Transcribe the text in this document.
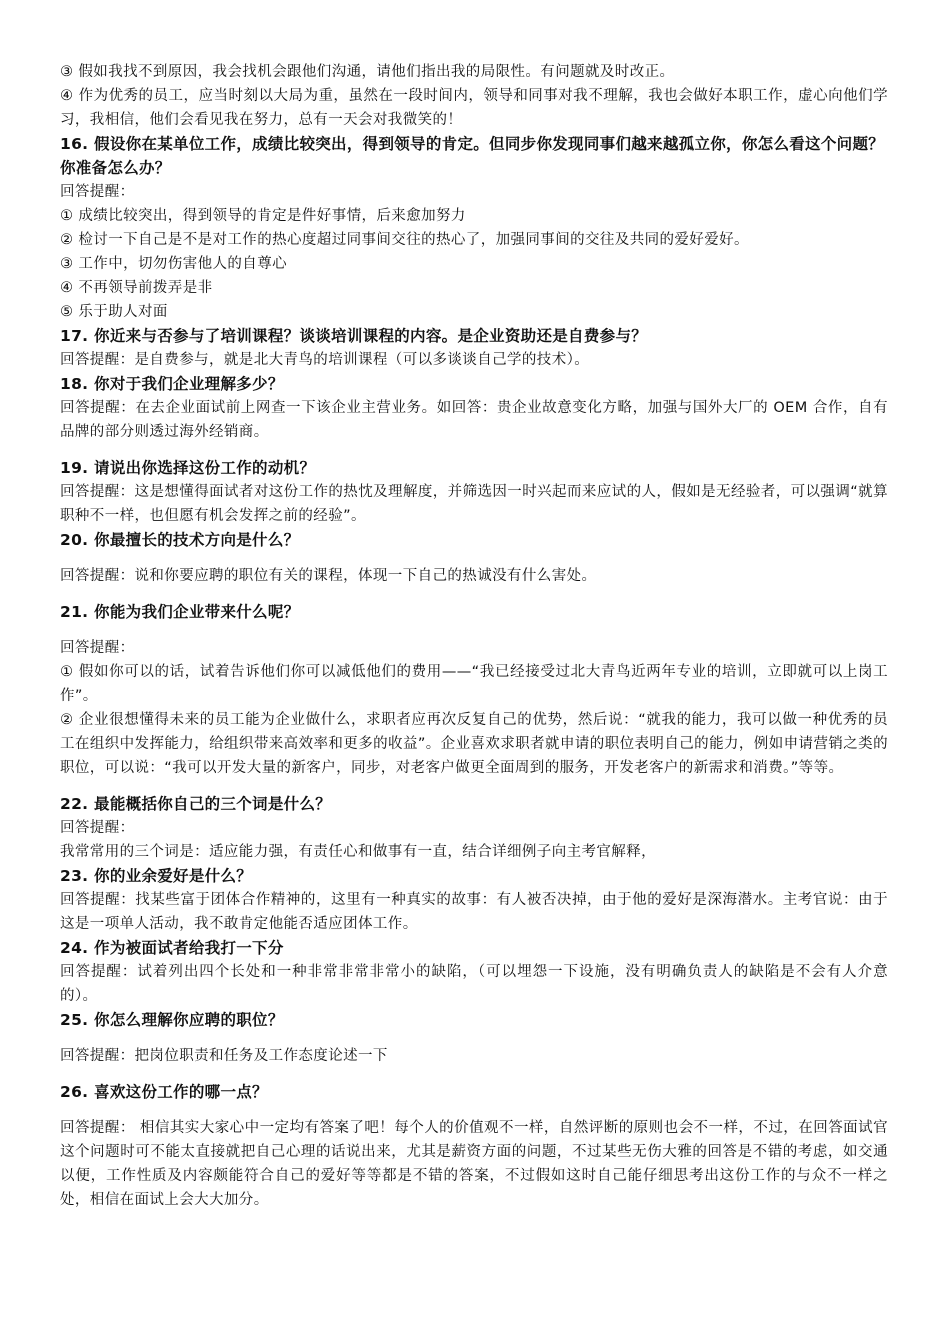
③ 假如我找不到原因，我会找机会跟他们沟通，请他们指出我的局限性。有问题就及时改正。

④ 作为优秀的员工，应当时刻以大局为重，虽然在一段时间内，领导和同事对我不理解，我也会做好本职工作，虚心向他们学习，我相信，他们会看见我在努力，总有一天会对我微笑的！

16. 假设你在某单位工作，成绩比较突出，得到领导的肯定。但同步你发现同事们越来越孤立你，你怎么看这个问题？你准备怎么办？

回答提醒：

① 成绩比较突出，得到领导的肯定是件好事情，后来愈加努力

② 检讨一下自己是不是对工作的热心度超过同事间交往的热心了，加强同事间的交往及共同的爱好爱好。

③ 工作中，切勿伤害他人的自尊心

④ 不再领导前拨弄是非

⑤ 乐于助人对面

17. 你近来与否参与了培训课程？谈谈培训课程的内容。是企业资助还是自费参与？

回答提醒：是自费参与，就是北大青鸟的培训课程（可以多谈谈自己学的技术）。

18. 你对于我们企业理解多少？

回答提醒：在去企业面试前上网查一下该企业主营业务。如回答：贵企业故意变化方略，加强与国外大厂的 OEM 合作，自有品牌的部分则透过海外经销商。

19. 请说出你选择这份工作的动机？

回答提醒：这是想懂得面试者对这份工作的热忱及理解度，并筛选因一时兴起而来应试的人，假如是无经验者，可以强调“就算职种不一样，也但愿有机会发挥之前的经验”。

20. 你最擅长的技术方向是什么？

回答提醒：说和你要应聘的职位有关的课程，体现一下自己的热诚没有什么害处。

21. 你能为我们企业带来什么呢？

回答提醒：

① 假如你可以的话，试着告诉他们你可以减低他们的费用——“我已经接受过北大青鸟近两年专业的培训，立即就可以上岗工作”。

② 企业很想懂得未来的员工能为企业做什么，求职者应再次反复自己的优势，然后说：“就我的能力，我可以做一种优秀的员工在组织中发挥能力，给组织带来高效率和更多的收益”。企业喜欢求职者就申请的职位表明自己的能力，例如申请营销之类的职位，可以说：“我可以开发大量的新客户，同步，对老客户做更全面周到的服务，开发老客户的新需求和消费。”等等。

22. 最能概括你自己的三个词是什么？

回答提醒：

我常常用的三个词是：适应能力强，有责任心和做事有一直，结合详细例子向主考官解释，

23. 你的业余爱好是什么？

回答提醒：找某些富于团体合作精神的，这里有一种真实的故事：有人被否决掉，由于他的爱好是深海潜水。主考官说：由于这是一项单人活动，我不敢肯定他能否适应团体工作。

24. 作为被面试者给我打一下分

回答提醒：试着列出四个长处和一种非常非常非常小的缺陷，（可以埋怨一下设施，没有明确负责人的缺陷是不会有人介意的）。

25. 你怎么理解你应聘的职位？

回答提醒：把岗位职责和任务及工作态度论述一下

26. 喜欢这份工作的哪一点？

回答提醒： 相信其实大家心中一定均有答案了吧！每个人的价值观不一样，自然评断的原则也会不一样，不过，在回答面试官这个问题时可不能太直接就把自己心理的话说出来，尤其是薪资方面的问题，不过某些无伤大雅的回答是不错的考虑，如交通以便，工作性质及内容颇能符合自己的爱好等等都是不错的答案，不过假如这时自己能仔细思考出这份工作的与众不一样之处，相信在面试上会大大加分。
